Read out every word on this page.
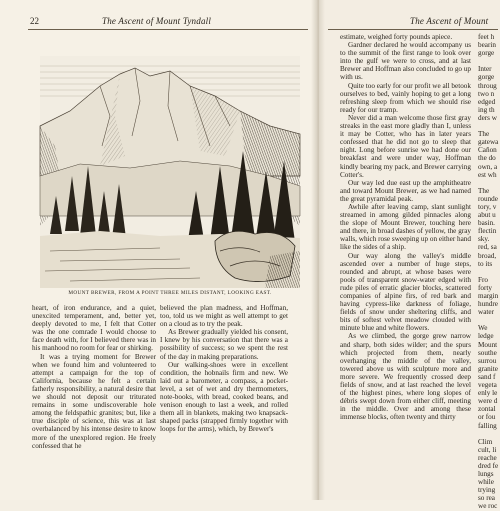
22	The Ascent of Mount Tyndall
MOUNT BREWER, FROM A POINT THREE MILES DISTANT, LOOKING EAST.

heart, of iron endurance, and a quiet, unexcited temperament, and, better yet, deeply devoted to me, I felt that Cotter was the one comrade I would choose to face death with, for I believed there was in his manhood no room for fear or shirking.

It was a trying moment for Brewer when we found him and volunteered to attempt a campaign for the top of California, because he felt a certain fatherly responsibility, a natural desire that we should not deposit our triturated remains in some undiscoverable hole among the feldspathic granites; but, like a true disciple of science, this was at last overbalanced by his intense desire to know more of the unexplored region. He freely confessed that he

believed the plan madness, and Hoffman, too, told us we might as well attempt to get on a cloud as to try the peak.

As Brewer gradually yielded his consent, I knew by his conversation that there was a possibility of success; so we spent the rest of the day in making preparations.

Our walking-shoes were in excellent condition, the hobnails firm and new. We laid out a barometer, a compass, a pocket-level, a set of wet and dry thermometers, note-books, with bread, cooked beans, and venison enough to last a week, and rolled them all in blankets, making two knapsack-shaped packs (strapped firmly together with loops for the arms), which, by Brewer's

The Ascent of Mount

estimate, weighed forty pounds apiece.

Gardner declared he would accompany us to the summit of the first range to look over into the gulf we were to cross, and at last Brewer and Hoffman also concluded to go up with us.

Quite too early for our profit we all betook ourselves to bed, vainly hoping to get a long refreshing sleep from which we should rise ready for our tramp.

Never did a man welcome those first gray streaks in the east more gladly than I, unless it may be Cotter, who has in later years confessed that he did not go to sleep that night. Long before sunrise we had done our breakfast and were under way, Hoffman kindly bearing my pack, and Brewer carrying Cotter's.

Our way led due east up the amphitheatre and toward Mount Brewer, as we had named the great pyramidal peak.

Awhile after leaving camp, slant sunlight streamed in among gilded pinnacles along the slope of Mount Brewer, touching here and there, in broad dashes of yellow, the gray walls, which rose sweeping up on either hand like the sides of a ship.

Our way along the valley's middle ascended over a number of huge steps, rounded and abrupt, at whose bases were pools of transparent snow-water edged with rude piles of erratic glacier blocks, scattered companies of alpine firs, of red bark and having cypress-like darkness of foliage, fields of snow under sheltering cliffs, and bits of softest velvet meadow clouded with minute blue and white flowers.

As we climbed, the gorge grew narrow and sharp, both sides wilder; and the spurs which projected from them, nearly overhanging the middle of the valley, towered above us with sculpture more and more severe. We frequently crossed deep fields of snow, and at last reached the level of the highest pines, where long slopes of débris swept down from either cliff, meeting in the middle. Over and among these immense blocks, often twenty and thirty

feet h
bearin
gorge

Inter
gorge
throug
two n
edged
ing th
ders w

The
gatewa
Cañon
the do
own, a
est wh

The
rounde
tory, v
abut u
basin.
flectin
sky.
red, sa
broad,
to its

Fro
forty
margin
hundre
water

We
ledge
Mount
southe
surrou
granite
sand f
vegeta
enly le
were d
zontal
or fou
falling

Clim
cult, li
reache
dred fe
lungs
while
trying
so rea
we roc
